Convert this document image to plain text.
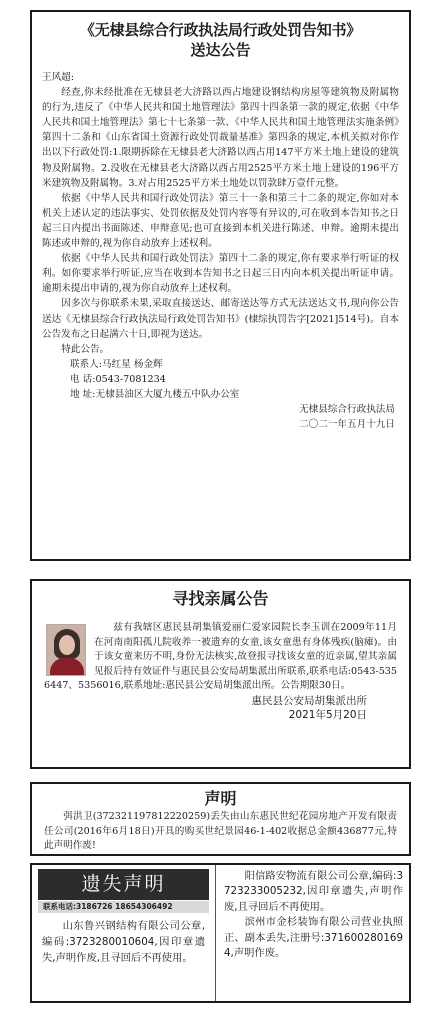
《无棣县综合行政执法局行政处罚告知书》
送达公告
王风超:

经查,你未经批准在无棣县老大济路以西占地建设钢结构房屋等建筑物及附属物的行为,违反了《中华人民共和国土地管理法》第四十四条第一款的规定,依据《中华人民共和国土地管理法》第七十七条第一款、《中华人民共和国土地管理法实施条例》第四十二条和《山东省国土资源行政处罚裁量基准》第四条的规定,本机关拟对你作出以下行政处罚:1.限期拆除在无棣县老大济路以西占用147平方米土地上建设的建筑物及附属物。2.没收在无棣县老大济路以西占用2525平方米土地上建设的196平方米建筑物及附属物。3.对占用2525平方米土地处以罚款肆万壹仟元整。

依据《中华人民共和国行政处罚法》第三十一条和第三十二条的规定,你如对本机关上述认定的违法事实、处罚依据及处罚内容等有异议的,可在收到本告知书之日起三日内提出书面陈述、申辩意见;也可直接到本机关进行陈述、申辩。逾期未提出陈述或申辩的,视为你自动放弃上述权利。

依据《中华人民共和国行政处罚法》第四十二条的规定,你有要求举行听证的权利。如你要求举行听证,应当在收到本告知书之日起三日内向本机关提出听证申请。逾期未提出申请的,视为你自动放弃上述权利。

因多次与你联系未果,采取直接送达、邮寄送达等方式无法送达文书,现向你公告送达《无棣县综合行政执法局行政处罚告知书》(棣综执罚告字[2021]514号)。自本公告发布之日起满六十日,即视为送达。

特此公告。

联系人:马红星 杨金辉
电 话:0543-7081234
地 址:无棣县油区大厦九楼五中队办公室
无棣县综合行政执法局
二〇二一年五月十九日
寻找亲属公告
兹有我辖区惠民县胡集镇爱丽仁爱家园院长李玉训在2009年11月在河南南阳孤儿院收养一被遗弃的女童,该女童患有身体残疾(脑瘫)。由于该女童来历不明,身份无法核实,故登报寻找该女童的近亲属,望其亲属见报后持有效证件与惠民县公安局胡集派出所联系,联系电话:0543-5356447、5356016,联系地址:惠民县公安局胡集派出所。公告期限30日。
惠民县公安局胡集派出所
2021年5月20日
声明
弭洪卫(372321197812220259)丢失由山东惠民世纪花园房地产开发有限责任公司(2016年6月18日)开具的购买世纪景园46-1-402收据总金额436877元,特此声明作废!
遗失声明
联系电话:3186726 18654306492
山东鲁兴钢结构有限公司公章,编码:3723280010604,因印章遗失,声明作废,且寻回后不再使用。
阳信路安物流有限公司公章,编码:3723233005232,因印章遗失,声明作废,且寻回后不再使用。
滨州市金杉装饰有限公司营业执照正、副本丢失,注册号:3716002801694,声明作废。
